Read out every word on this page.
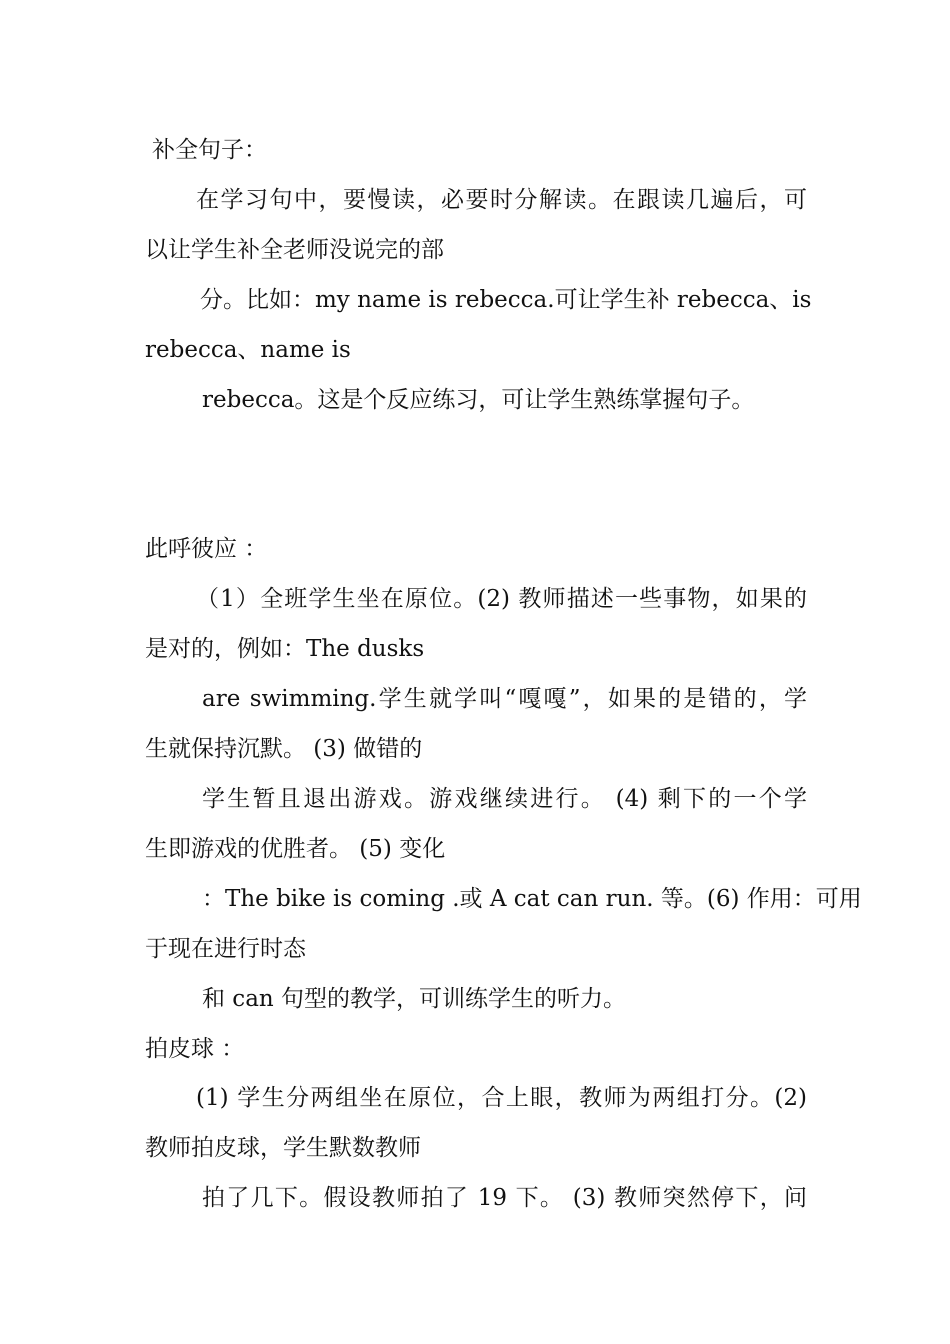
补全句子：

在学习句中，要慢读，必要时分解读。在跟读几遍后，可

以让学生补全老师没说完的部

分。比如：my name is rebecca.可让学生补 rebecca、is

rebecca、name is

rebecca。这是个反应练习，可让学生熟练掌握句子。

此呼彼应 ：

（1）全班学生坐在原位。(2) 教师描述一些事物，如果的

是对的，例如：The dusks

are swimming.学生就学叫“嘎嘎”，如果的是错的，学

生就保持沉默。 (3) 做错的

学生暂且退出游戏。游戏继续进行。 (4) 剩下的一个学

生即游戏的优胜者。 (5) 变化

：The bike is coming .或 A cat can run. 等。(6) 作用：可用

于现在进行时态

和 can 句型的教学，可训练学生的听力。

拍皮球 ：

(1) 学生分两组坐在原位，合上眼，教师为两组打分。(2)

教师拍皮球，学生默数教师

拍了几下。假设教师拍了 19 下。 (3) 教师突然停下，问
